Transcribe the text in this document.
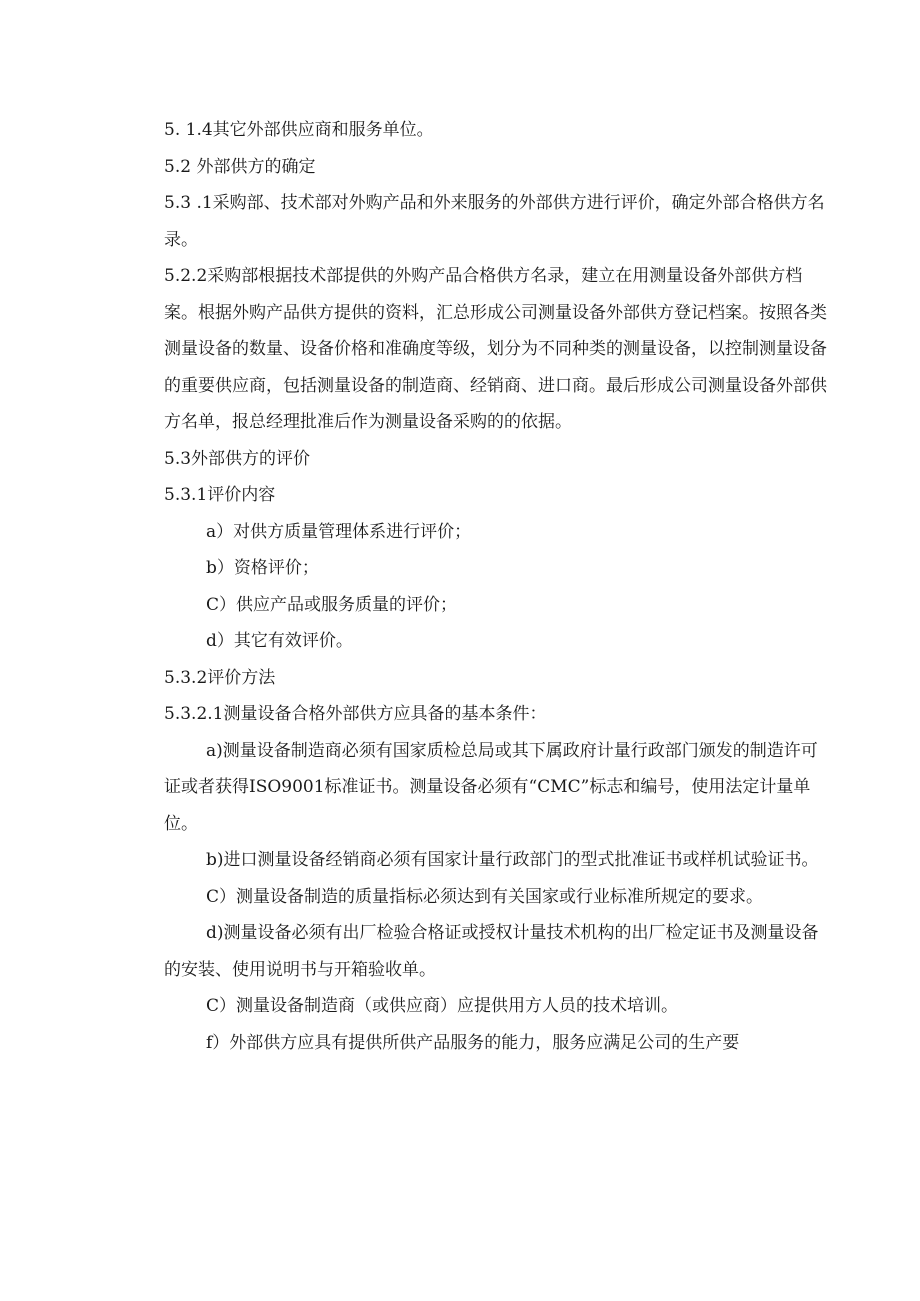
5. 1.4其它外部供应商和服务单位。

5.2 外部供方的确定

5.3 .1采购部、技术部对外购产品和外来服务的外部供方进行评价，确定外部合格供方名录。

5.2.2采购部根据技术部提供的外购产品合格供方名录，建立在用测量设备外部供方档案。根据外购产品供方提供的资料，汇总形成公司测量设备外部供方登记档案。按照各类测量设备的数量、设备价格和准确度等级，划分为不同种类的测量设备，以控制测量设备的重要供应商，包括测量设备的制造商、经销商、进口商。最后形成公司测量设备外部供方名单，报总经理批准后作为测量设备采购的的依据。

5.3外部供方的评价

5.3.1评价内容

a）对供方质量管理体系进行评价；

b）资格评价；

C）供应产品或服务质量的评价；

d）其它有效评价。

5.3.2评价方法

5.3.2.1测量设备合格外部供方应具备的基本条件：

a)测量设备制造商必须有国家质检总局或其下属政府计量行政部门颁发的制造许可证或者获得ISO9001标准证书。测量设备必须有“CMC”标志和编号，使用法定计量单位。

b)进口测量设备经销商必须有国家计量行政部门的型式批准证书或样机试验证书。

C）测量设备制造的质量指标必须达到有关国家或行业标准所规定的要求。

d)测量设备必须有出厂检验合格证或授权计量技术机构的出厂检定证书及测量设备的安装、使用说明书与开箱验收单。

C）测量设备制造商（或供应商）应提供用方人员的技术培训。

f）外部供方应具有提供所供产品服务的能力，服务应满足公司的生产要
